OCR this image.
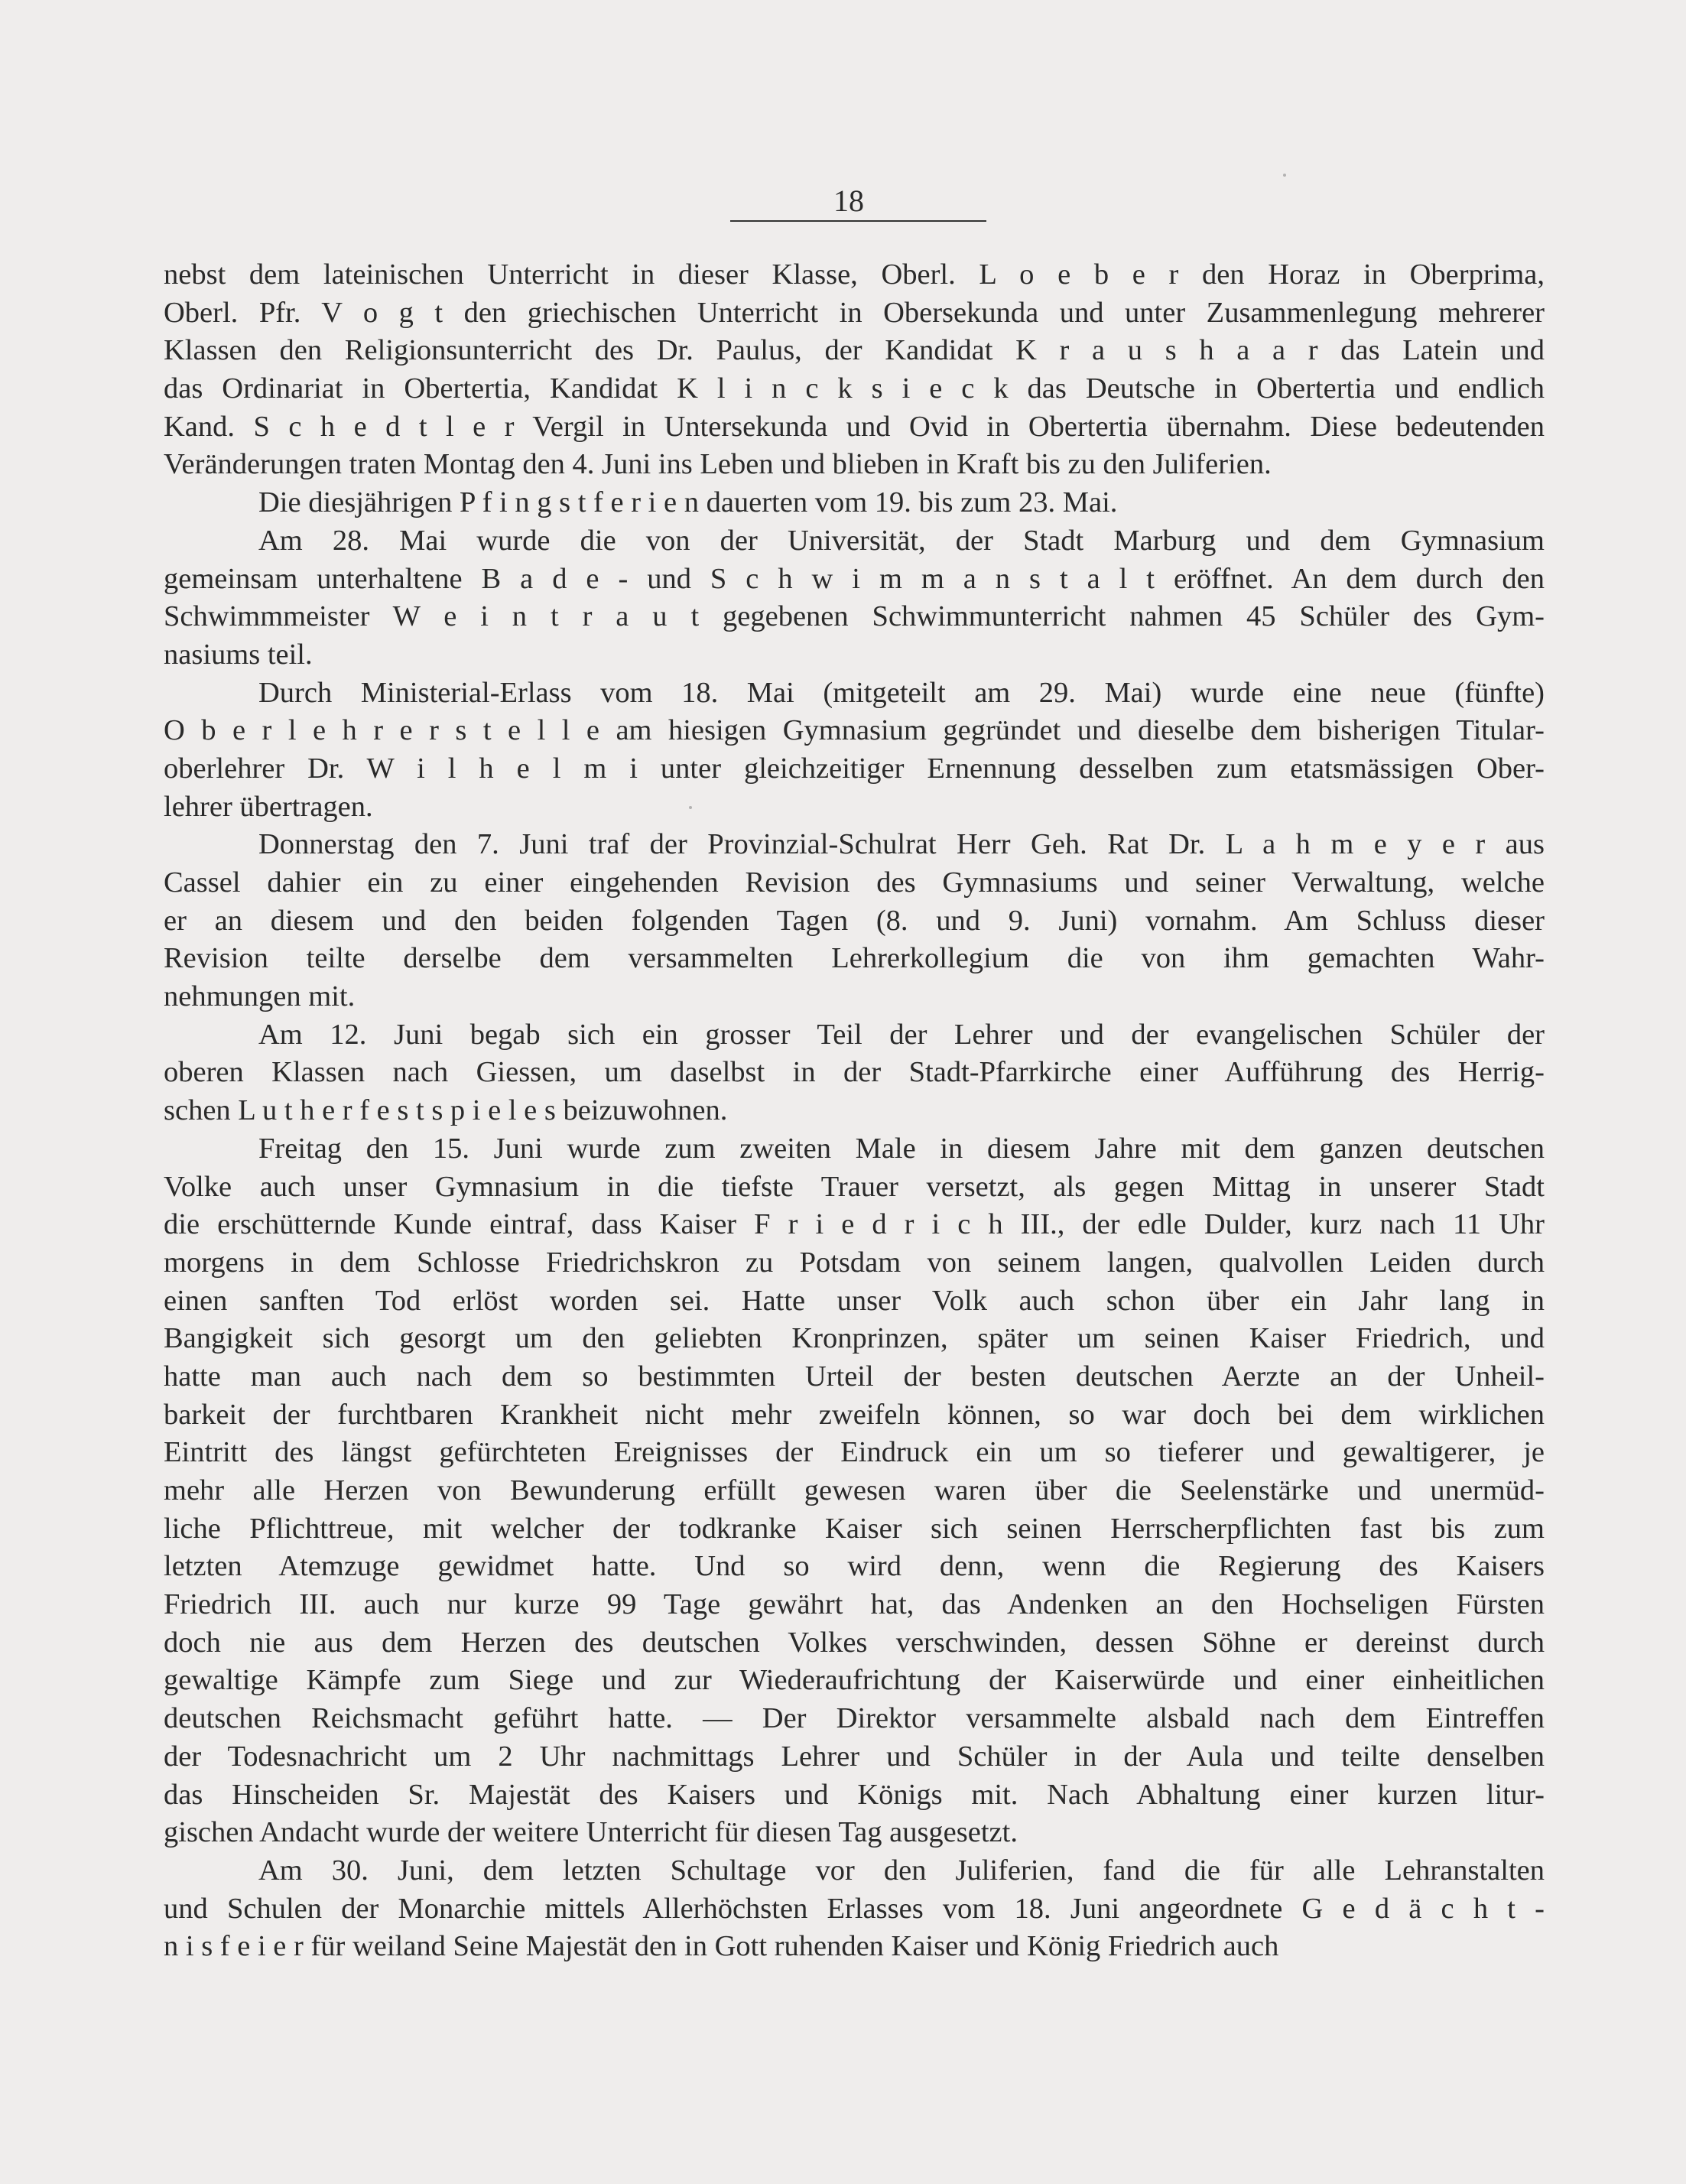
18
nebst dem lateinischen Unterricht in dieser Klasse, Oberl. L o e b e r den Horaz in Oberprima,
Oberl. Pfr. V o g t den griechischen Unterricht in Obersekunda und unter Zusammenlegung mehrerer
Klassen den Religionsunterricht des Dr. Paulus, der Kandidat K r a u s h a a r das Latein und
das Ordinariat in Obertertia, Kandidat K l i n c k s i e c k das Deutsche in Obertertia und endlich
Kand. S c h e d t l e r Vergil in Untersekunda und Ovid in Obertertia übernahm. Diese bedeutenden
Veränderungen traten Montag den 4. Juni ins Leben und blieben in Kraft bis zu den Juliferien.
Die diesjährigen P f i n g s t f e r i e n dauerten vom 19. bis zum 23. Mai.
Am 28. Mai wurde die von der Universität, der Stadt Marburg und dem Gymnasium
gemeinsam unterhaltene B a d e - und S c h w i m m a n s t a l t eröffnet. An dem durch den
Schwimmmeister W e i n t r a u t gegebenen Schwimmunterricht nahmen 45 Schüler des Gym-
nasiums teil.
Durch Ministerial-Erlass vom 18. Mai (mitgeteilt am 29. Mai) wurde eine neue (fünfte)
O b e r l e h r e r s t e l l e am hiesigen Gymnasium gegründet und dieselbe dem bisherigen Titular-
oberlehrer Dr. W i l h e l m i unter gleichzeitiger Ernennung desselben zum etatsmässigen Ober-
lehrer übertragen.
Donnerstag den 7. Juni traf der Provinzial-Schulrat Herr Geh. Rat Dr. L a h m e y e r aus
Cassel dahier ein zu einer eingehenden Revision des Gymnasiums und seiner Verwaltung, welche
er an diesem und den beiden folgenden Tagen (8. und 9. Juni) vornahm. Am Schluss dieser
Revision teilte derselbe dem versammelten Lehrerkollegium die von ihm gemachten Wahr-
nehmungen mit.
Am 12. Juni begab sich ein grosser Teil der Lehrer und der evangelischen Schüler der
oberen Klassen nach Giessen, um daselbst in der Stadt-Pfarrkirche einer Aufführung des Herrig-
schen L u t h e r f e s t s p i e l e s beizuwohnen.
Freitag den 15. Juni wurde zum zweiten Male in diesem Jahre mit dem ganzen deutschen
Volke auch unser Gymnasium in die tiefste Trauer versetzt, als gegen Mittag in unserer Stadt
die erschütternde Kunde eintraf, dass Kaiser F r i e d r i c h III., der edle Dulder, kurz nach 11 Uhr
morgens in dem Schlosse Friedrichskron zu Potsdam von seinem langen, qualvollen Leiden durch
einen sanften Tod erlöst worden sei. Hatte unser Volk auch schon über ein Jahr lang in
Bangigkeit sich gesorgt um den geliebten Kronprinzen, später um seinen Kaiser Friedrich, und
hatte man auch nach dem so bestimmten Urteil der besten deutschen Aerzte an der Unheil-
barkeit der furchtbaren Krankheit nicht mehr zweifeln können, so war doch bei dem wirklichen
Eintritt des längst gefürchteten Ereignisses der Eindruck ein um so tieferer und gewaltigerer, je
mehr alle Herzen von Bewunderung erfüllt gewesen waren über die Seelenstärke und unermüd-
liche Pflichttreue, mit welcher der todkranke Kaiser sich seinen Herrscherpflichten fast bis zum
letzten Atemzuge gewidmet hatte. Und so wird denn, wenn die Regierung des Kaisers
Friedrich III. auch nur kurze 99 Tage gewährt hat, das Andenken an den Hochseligen Fürsten
doch nie aus dem Herzen des deutschen Volkes verschwinden, dessen Söhne er dereinst durch
gewaltige Kämpfe zum Siege und zur Wiederaufrichtung der Kaiserwürde und einer einheitlichen
deutschen Reichsmacht geführt hatte. — Der Direktor versammelte alsbald nach dem Eintreffen
der Todesnachricht um 2 Uhr nachmittags Lehrer und Schüler in der Aula und teilte denselben
das Hinscheiden Sr. Majestät des Kaisers und Königs mit. Nach Abhaltung einer kurzen litur-
gischen Andacht wurde der weitere Unterricht für diesen Tag ausgesetzt.
Am 30. Juni, dem letzten Schultage vor den Juliferien, fand die für alle Lehranstalten
und Schulen der Monarchie mittels Allerhöchsten Erlasses vom 18. Juni angeordnete G e d ä c h t -
n i s f e i e r für weiland Seine Majestät den in Gott ruhenden Kaiser und König Friedrich auch
